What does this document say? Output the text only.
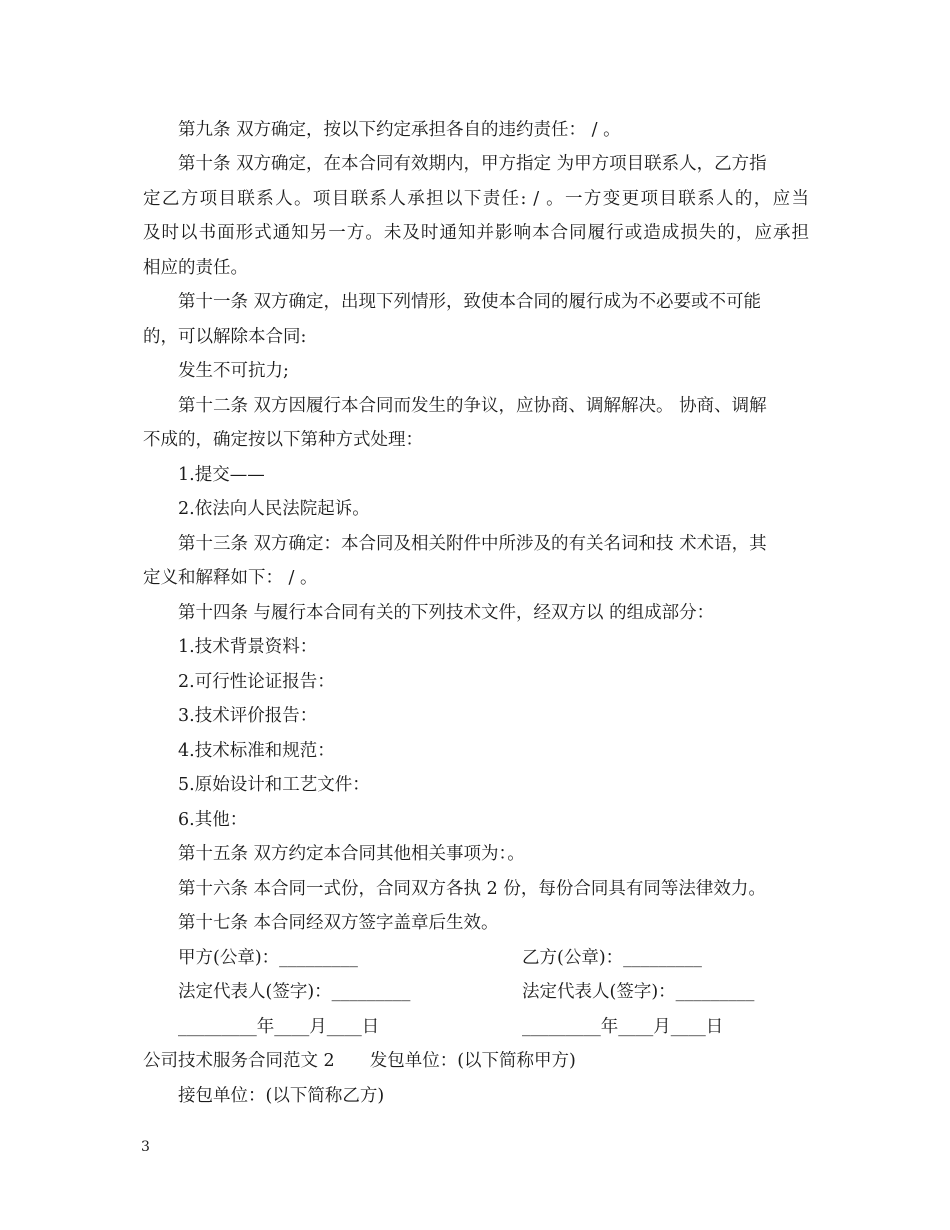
第九条 双方确定，按以下约定承担各自的违约责任： / 。
第十条 双方确定，在本合同有效期内，甲方指定 为甲方项目联系人，乙方指
定乙方项目联系人。项目联系人承担以下责任: / 。一方变更项目联系人的，应当
及时以书面形式通知另一方。未及时通知并影响本合同履行或造成损失的，应承担
相应的责任。
第十一条 双方确定，出现下列情形，致使本合同的履行成为不必要或不可能
的，可以解除本合同:
发生不可抗力;
第十二条 双方因履行本合同而发生的争议，应协商、调解解决。 协商、调解
不成的，确定按以下第种方式处理：
1.提交——
2.依法向人民法院起诉。
第十三条 双方确定：本合同及相关附件中所涉及的有关名词和技 术术语，其
定义和解释如下： / 。
第十四条 与履行本合同有关的下列技术文件，经双方以 的组成部分：
1.技术背景资料：
2.可行性论证报告：
3.技术评价报告：
4.技术标准和规范：
5.原始设计和工艺文件：
6.其他：
第十五条 双方约定本合同其他相关事项为：。
第十六条 本合同一式份，合同双方各执 2 份，每份合同具有同等法律效力。
第十七条 本合同经双方签字盖章后生效。
甲方(公章)：_________	乙方(公章)：_________
法定代表人(签字)：_________	法定代表人(签字)：_________
_________年____月____日	_________年____月____日
公司技术服务合同范文 2　　发包单位：(以下简称甲方)
接包单位：(以下简称乙方)
3
